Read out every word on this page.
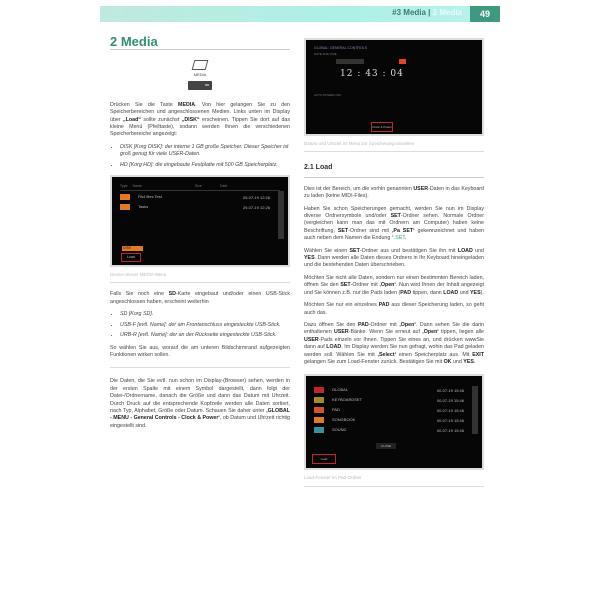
#3 Media | 2 Media	49
2 Media
MEDIA

Drücken Sie die Taste MEDIA. Von hier gelangen Sie zu den Speicherbereichen und angeschlossenen Medien. Links unten im Display über „Load“ sollte zunächst „DISK“ erscheinen. Tippen Sie dort auf das kleine Menü (Pfeiltaste), sodann werden Ihnen die verschiedenen Speicherbereiche angezeigt:

• DISK [Korg DISK]: der interne 1 GB große Speicher. Dieser Speicher ist groß genug für viele USER-Daten.
• HD [Korg HD]: die eingebaute Festplatte mit 500 GB Speicherplatz.
Type Name	Size	Date
PA4 files Test	29-07-19 12:26
Tasks	29-07-19 12:26
DISK
Load
Device-Steuer MEDIA Menü

Falls Sie noch eine SD-Karte eingebaut und/oder einen USB-Stick angeschlossen haben, erscheint weiterhin

• SD [Korg SD].
• USB-F [evtl. Name]: der am Frontanschluss eingesteckte USB-Stick.
• URB-R [evtl. Name]: der an der Rückseite eingesteckte USB-Stick.

So wählen Sie aus, worauf die am unteren Bildschirmrand aufgezeigten Funktionen wirken sollen.

Die Daten, die Sie evtl. nun schon im Display-(Browser) sehen, werden in der ersten Spalte mit einem Symbol dargestellt, dann folgt der Datei-/Ordnername, danach die Größe und dann das Datum mit Uhrzeit. Durch Druck auf die entsprechende Kopfzeile werden alle Daten sortiert, nach Typ, Alphabet, Größe oder Datum. Schauen Sie daher unter ‚GLOBAL - MENU - General Controls - Clock & Power‘, ob Datum und Uhrzeit richtig eingestellt sind.

GLOBAL: GENERAL CONTROLS
DATE AND TIME
12 : 43 : 04
AUTO POWER OFF
Clock & Power
Datum und Uhrzeit im Menü zur Speicherung einstellen
2.1 Load

Dies ist der Bereich, um die vorhin genannten USER-Daten in das Keyboard zu laden (keine MIDI-Files).

Haben Sie schon Speicherungen gemacht, werden Sie nun im Display diverse Ordnersymbole und/oder SET-Ordner sehen. Normale Ordner (vergleichen kann man das mit Ordnern am Computer) haben keine Beschriftung, SET-Ordner sind mit ‚Pa SET‘ gekennzeichnet und haben auch neben dem Namen die Endung *.SET.

Wählen Sie einen SET-Ordner aus und bestätigen Sie ihn mit LOAD und YES. Dann werden alle Daten dieses Ordners in Ihr Keyboard hineingeladen und die bestehenden Daten überschrieben.

Möchten Sie nicht alle Daten, sondern nur einen bestimmten Bereich laden, öffnen Sie den SET-Ordner mit ‚Open‘. Nun wird Ihnen der Inhalt angezeigt und Sie können z.B. nur die Pads laden (PAD tippen, dann LOAD und YES).

Möchten Sie nur ein einzelnes PAD aus dieser Speicherung laden, so geht auch das.

Dazu öffnen Sie den PAD-Ordner mit ‚Open‘. Dann sehen Sie die darin enthaltenen USER-Bänke. Wenn Sie erneut auf ‚Open‘ tippen, liegen alle USER-Pads einzeln vor Ihnen. Tippen Sie eines an, und drücken wwwSie dann auf LOAD. Im Display werden Sie nun gefragt, wohin das Pad geladen werden soll. Wählen Sie mit ‚Select‘ einen Speicherplatz aus. Mit EXIT gelangen Sie zum Load-Fenster zurück. Bestätigen Sie mit OK und YES.

GLOBAL	00-07-19 15:46
KEYBOARDSET	00-07-19 15:46
PAD	00-07-19 15:46
SONGBOOK	00-07-19 15:46
SOUND	00-07-19 15:46
CLOSE
Load
Load-Fenster im Pad-Ordner
